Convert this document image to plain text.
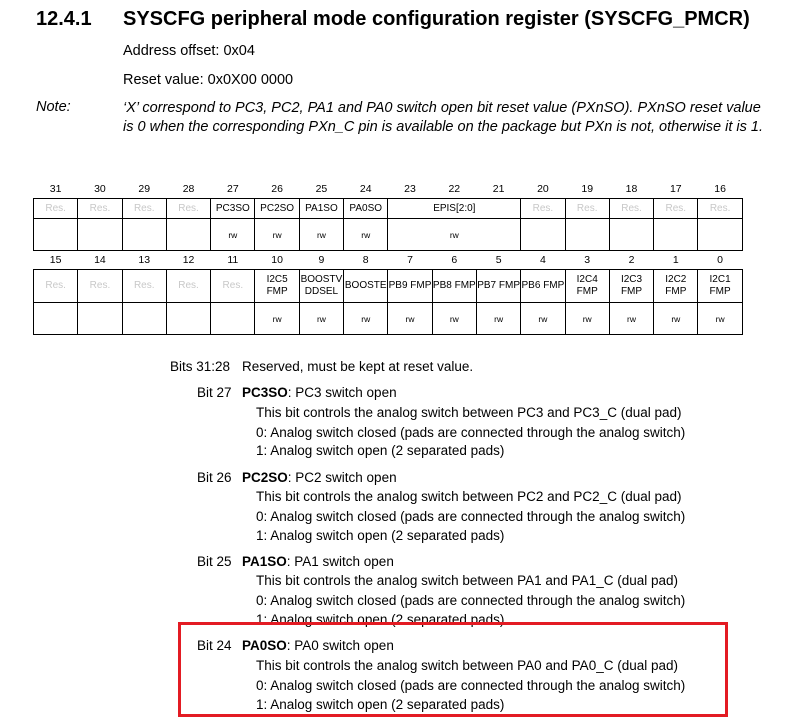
12.4.1 SYSCFG peripheral mode configuration register (SYSCFG_PMCR)
Address offset: 0x04
Reset value: 0x0X00 0000
Note:	‘X’ correspond to PC3, PC2, PA1 and PA0 switch open bit reset value (PXnSO). PXnSO reset value is 0 when the corresponding PXn_C pin is available on the package but PXn is not, otherwise it is 1.
31	30	29	28	27	26	25	24	23	22	21	20	19	18	17	16
Res.	Res.	Res.	Res.	PC3SO	PC2SO	PA1SO	PA0SO	EPIS[2:0]			Res.	Res.	Res.	Res.	Res.
				rw	rw	rw	rw	rw							
15	14	13	12	11	10	9	8	7	6	5	4	3	2	1	0
Res.	Res.	Res.	Res.	Res.	I2C5 FMP	BOOSTV DDSEL	BOOSTE	PB9 FMP	PB8 FMP	PB7 FMP	PB6 FMP	I2C4 FMP	I2C3 FMP	I2C2 FMP	I2C1 FMP
					rw	rw	rw	rw	rw	rw	rw	rw	rw	rw	rw
Bits 31:28 Reserved, must be kept at reset value.
Bit 27 PC3SO: PC3 switch open
This bit controls the analog switch between PC3 and PC3_C (dual pad)
0: Analog switch closed (pads are connected through the analog switch)
1: Analog switch open (2 separated pads)
Bit 26 PC2SO: PC2 switch open
This bit controls the analog switch between PC2 and PC2_C (dual pad)
0: Analog switch closed (pads are connected through the analog switch)
1: Analog switch open (2 separated pads)
Bit 25 PA1SO: PA1 switch open
This bit controls the analog switch between PA1 and PA1_C (dual pad)
0: Analog switch closed (pads are connected through the analog switch)
1: Analog switch open (2 separated pads)
Bit 24 PA0SO: PA0 switch open
This bit controls the analog switch between PA0 and PA0_C (dual pad)
0: Analog switch closed (pads are connected through the analog switch)
1: Analog switch open (2 separated pads)
